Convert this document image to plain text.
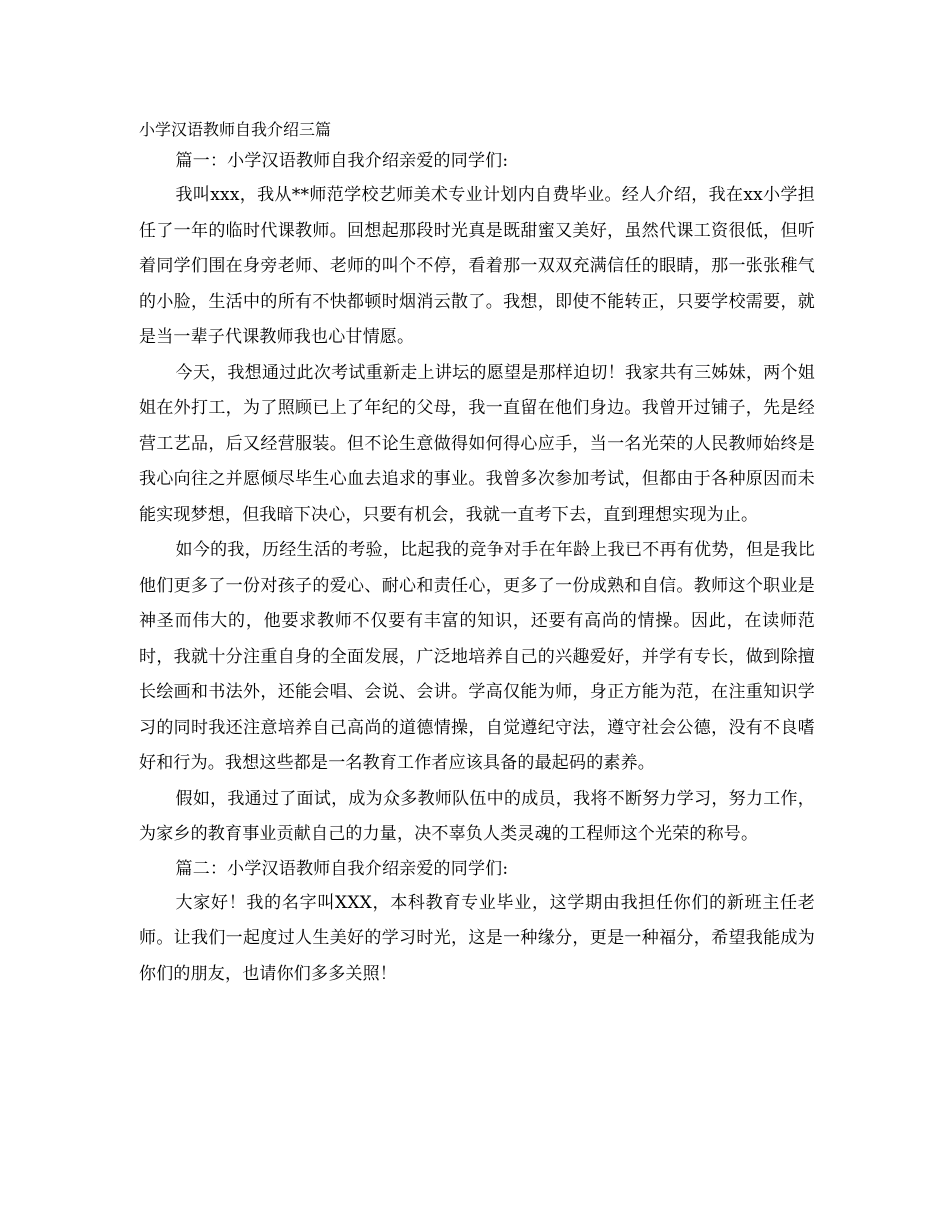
小学汉语教师自我介绍三篇

篇一：小学汉语教师自我介绍亲爱的同学们:

我叫xxx，我从**师范学校艺师美术专业计划内自费毕业。经人介绍，我在xx小学担任了一年的临时代课教师。回想起那段时光真是既甜蜜又美好，虽然代课工资很低，但听着同学们围在身旁老师、老师的叫个不停，看着那一双双充满信任的眼睛，那一张张稚气的小脸，生活中的所有不快都顿时烟消云散了。我想，即使不能转正，只要学校需要，就是当一辈子代课教师我也心甘情愿。

今天，我想通过此次考试重新走上讲坛的愿望是那样迫切！我家共有三姊妹，两个姐姐在外打工，为了照顾已上了年纪的父母，我一直留在他们身边。我曾开过铺子，先是经营工艺品，后又经营服装。但不论生意做得如何得心应手，当一名光荣的人民教师始终是我心向往之并愿倾尽毕生心血去追求的事业。我曾多次参加考试，但都由于各种原因而未能实现梦想，但我暗下决心，只要有机会，我就一直考下去，直到理想实现为止。

如今的我，历经生活的考验，比起我的竞争对手在年龄上我已不再有优势，但是我比他们更多了一份对孩子的爱心、耐心和责任心，更多了一份成熟和自信。教师这个职业是神圣而伟大的，他要求教师不仅要有丰富的知识，还要有高尚的情操。因此，在读师范时，我就十分注重自身的全面发展，广泛地培养自己的兴趣爱好，并学有专长，做到除擅长绘画和书法外，还能会唱、会说、会讲。学高仅能为师，身正方能为范，在注重知识学习的同时我还注意培养自己高尚的道德情操，自觉遵纪守法，遵守社会公德，没有不良嗜好和行为。我想这些都是一名教育工作者应该具备的最起码的素养。

假如，我通过了面试，成为众多教师队伍中的成员，我将不断努力学习，努力工作，为家乡的教育事业贡献自己的力量，决不辜负人类灵魂的工程师这个光荣的称号。

篇二：小学汉语教师自我介绍亲爱的同学们:

大家好！我的名字叫XXX，本科教育专业毕业，这学期由我担任你们的新班主任老师。让我们一起度过人生美好的学习时光，这是一种缘分，更是一种福分，希望我能成为你们的朋友，也请你们多多关照！
